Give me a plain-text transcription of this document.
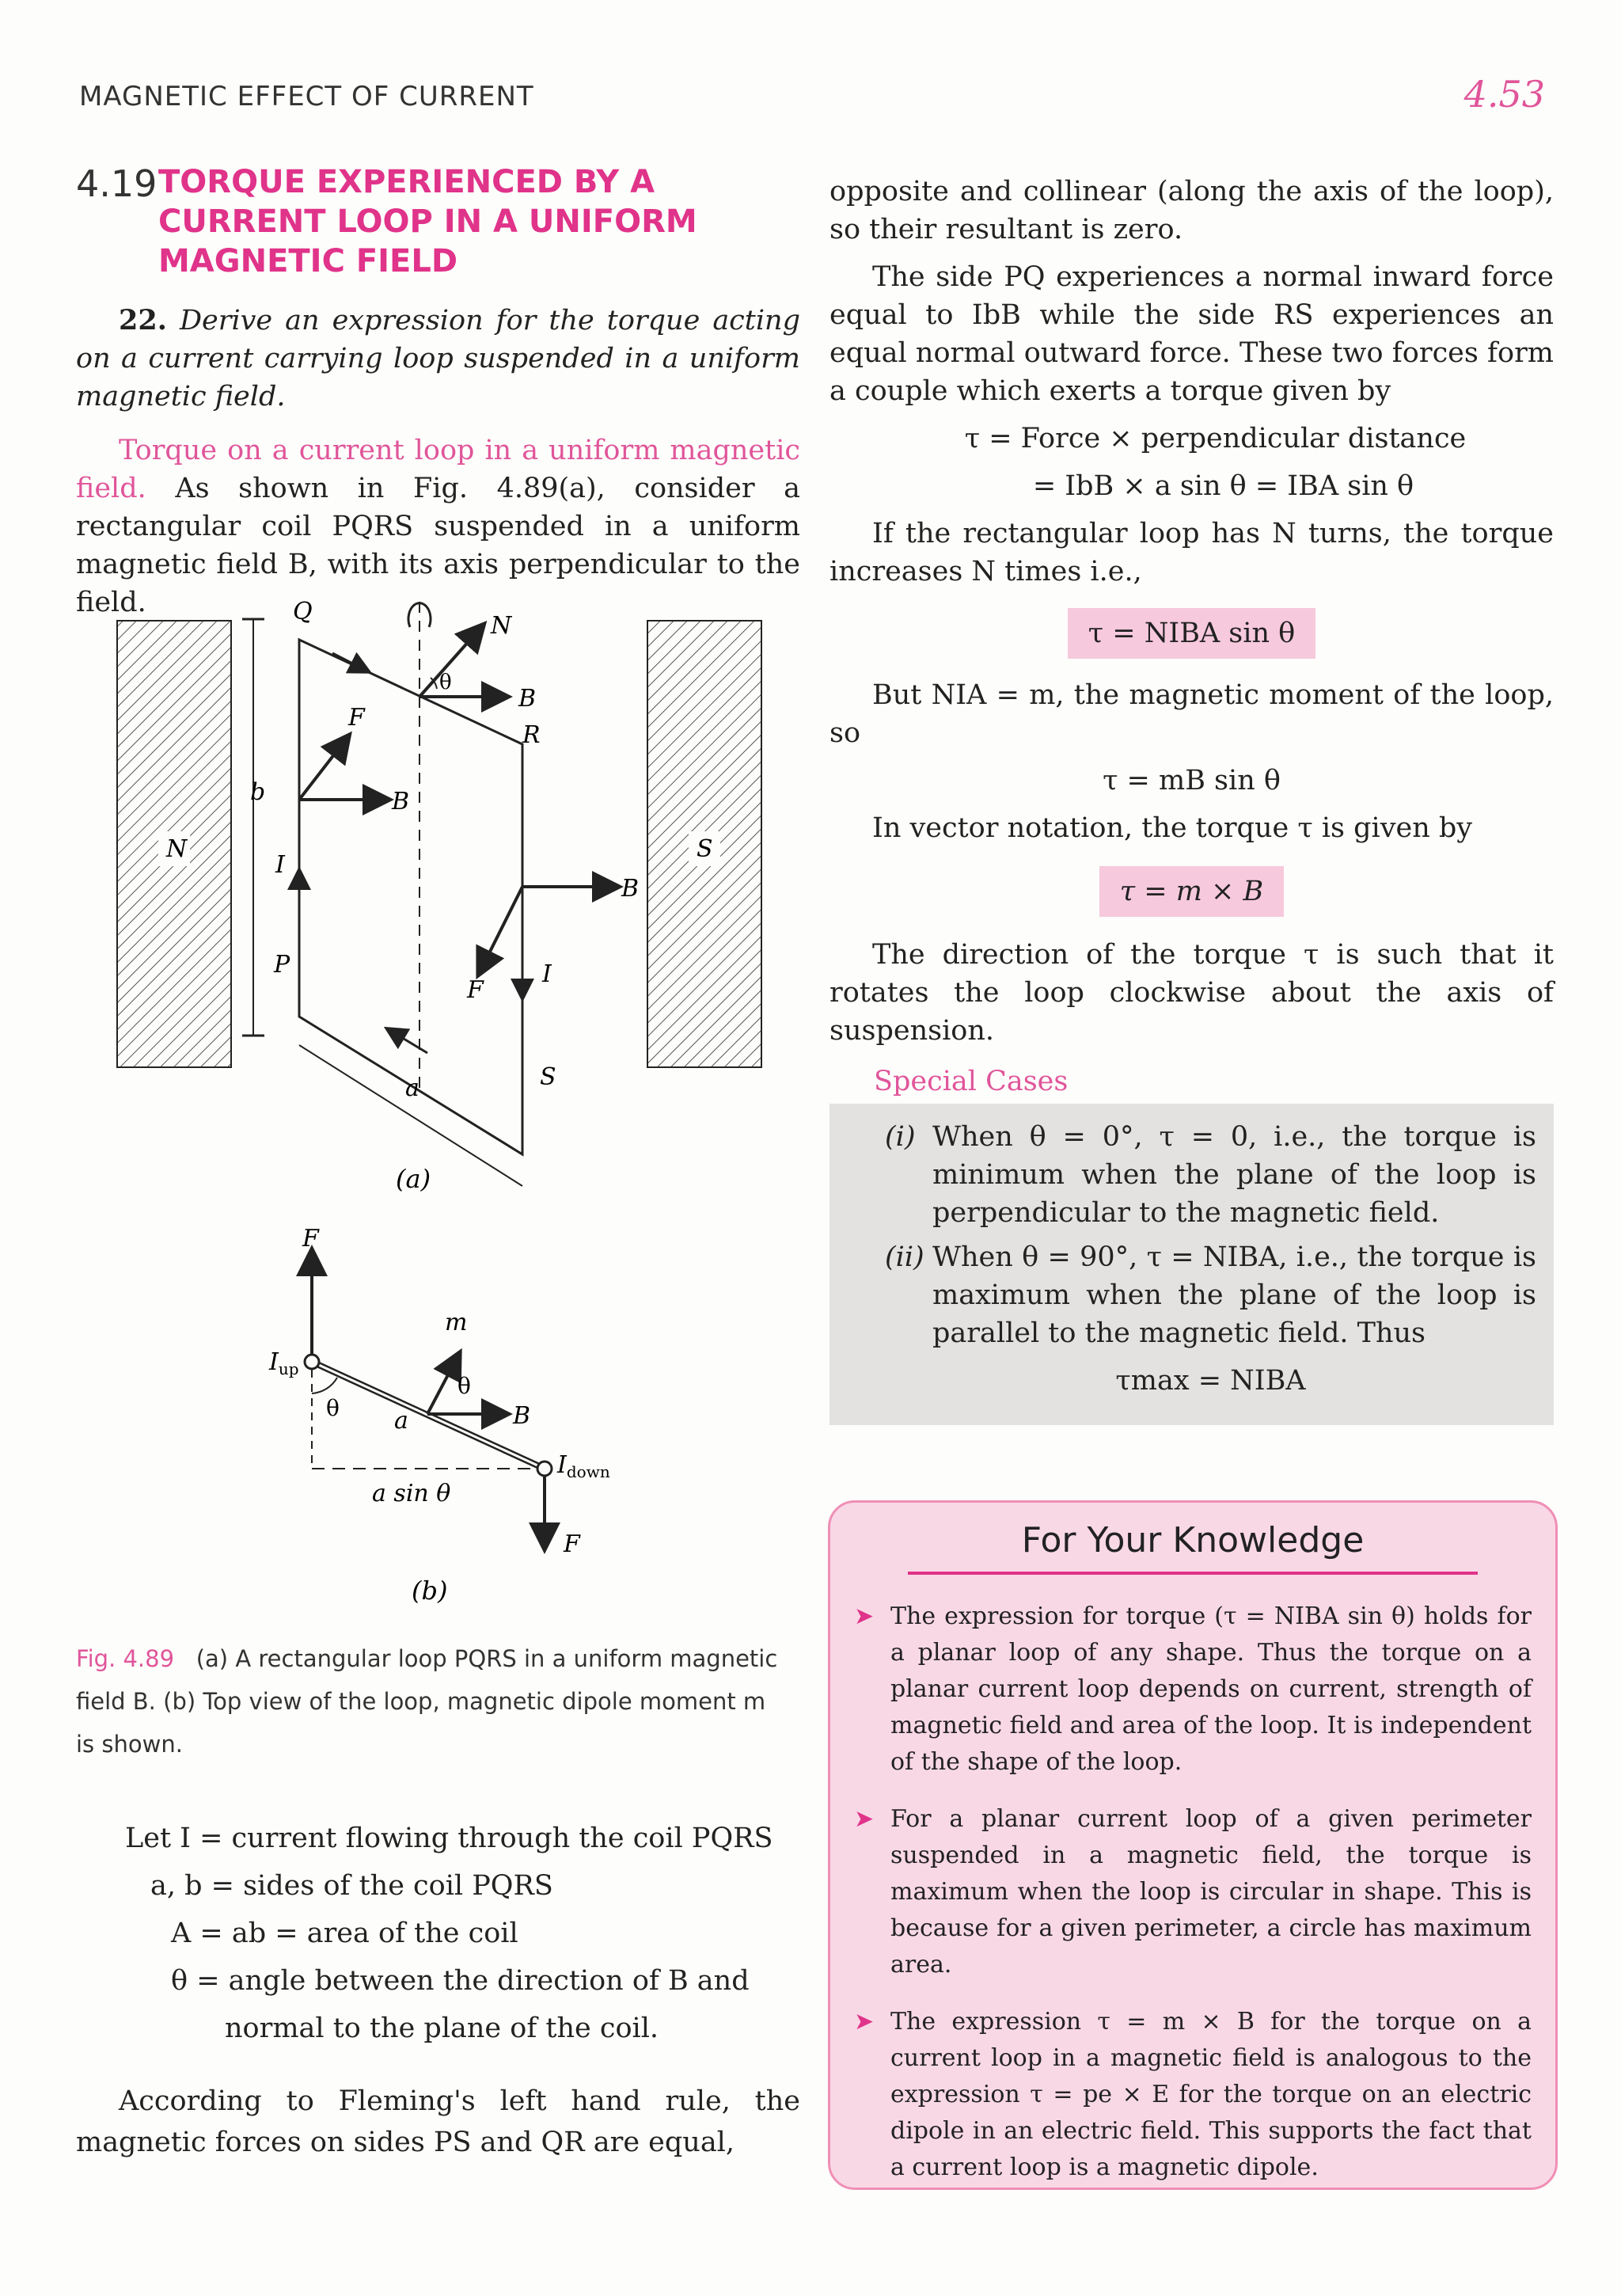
MAGNETIC EFFECT OF CURRENT	4.53
4.19TORQUE EXPERIENCED BY A CURRENT LOOP IN A UNIFORM MAGNETIC FIELD

22. Derive an expression for the torque acting on a current carrying loop suspended in a uniform magnetic field.

Torque on a current loop in a uniform magnetic field. As shown in Fig. 4.89(a), consider a rectangular coil PQRS suspended in a uniform magnetic field B, with its axis perpendicular to the field.

N	S
Q
N
θ
B
R
F
B
b
I
B
P
F
I
a	S
(a)
F
m
$I_{up}$
θ
θ	B
a
$I_{down}$
a sin θ
F
(b)
Fig. 4.89 (a) A rectangular loop PQRS in a uniform magnetic field B. (b) Top view of the loop, magnetic dipole moment m is shown.
Let I = current flowing through the coil PQRS
a, b = sides of the coil PQRS
A = ab = area of the coil
θ = angle between the direction of B and
normal to the plane of the coil.

According to Fleming's left hand rule, the magnetic forces on sides PS and QR are equal,

opposite and collinear (along the axis of the loop), so their resultant is zero.

The side PQ experiences a normal inward force equal to IbB while the side RS experiences an equal normal outward force. These two forces form a couple which exerts a torque given by

τ = Force × perpendicular distance
= IbB × a sin θ = IBA sin θ

If the rectangular loop has N turns, the torque increases N times i.e.,

τ = NIBA sin θ

But NIA = m, the magnetic moment of the loop, so

τ = mB sin θ

In vector notation, the torque τ is given by

τ = m × B

The direction of the torque τ is such that it rotates the loop clockwise about the axis of suspension.

Special Cases
(i) When θ = 0°, τ = 0, i.e., the torque is minimum when the plane of the loop is perpendicular to the magnetic field.

(ii) When θ = 90°, τ = NIBA, i.e., the torque is maximum when the plane of the loop is parallel to the magnetic field. Thus

τmax = NIBA
For Your Knowledge
➤ The expression for torque (τ = NIBA sin θ) holds for a planar loop of any shape. Thus the torque on a planar current loop depends on current, strength of magnetic field and area of the loop. It is independent of the shape of the loop.
➤ For a planar current loop of a given perimeter suspended in a magnetic field, the torque is maximum when the loop is circular in shape. This is because for a given perimeter, a circle has maximum area.
➤ The expression τ = m × B for the torque on a current loop in a magnetic field is analogous to the expression τ = pe × E for the torque on an electric dipole in an electric field. This supports the fact that a current loop is a magnetic dipole.
